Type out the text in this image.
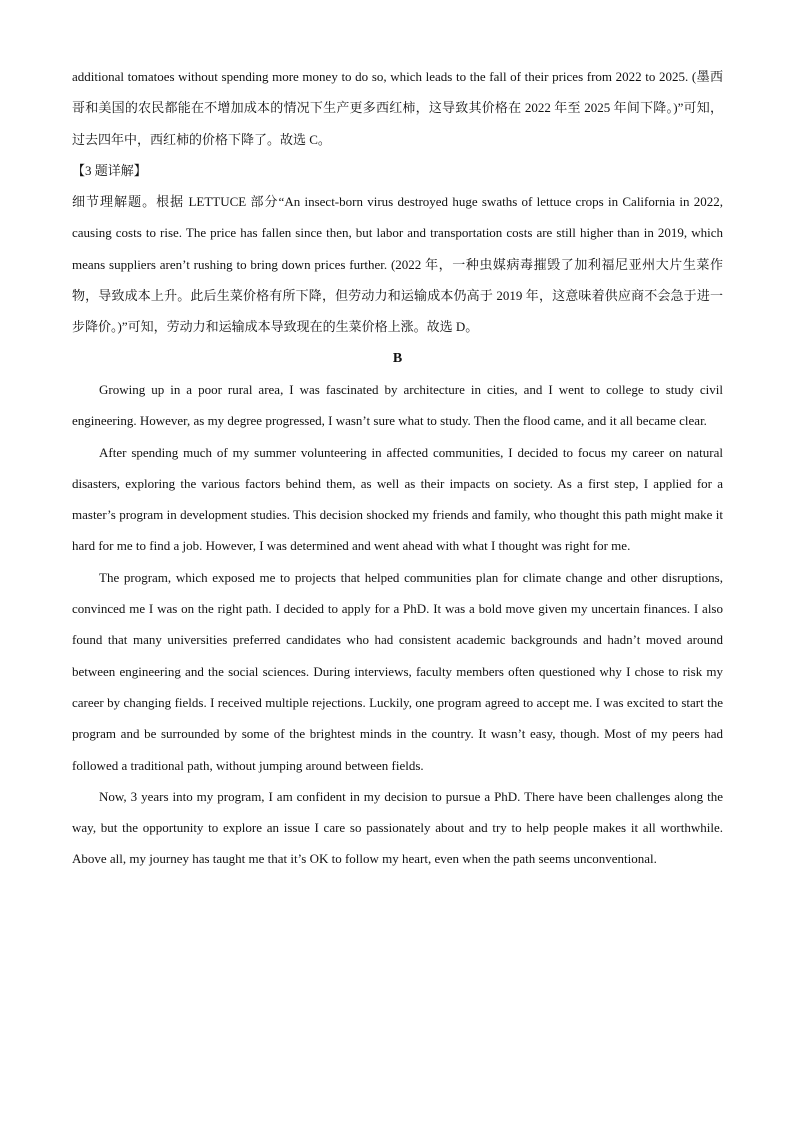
additional tomatoes without spending more money to do so, which leads to the fall of their prices from 2022 to 2025. (墨西哥和美国的农民都能在不增加成本的情况下生产更多西红柿，这导致其价格在 2022 年至 2025 年间下降。)”可知，过去四年中，西红柿的价格下降了。故选 C。

【3 题详解】

细节理解题。根据 LETTUCE 部分“An insect-born virus destroyed huge swaths of lettuce crops in California in 2022, causing costs to rise. The price has fallen since then, but labor and transportation costs are still higher than in 2019, which means suppliers aren’t rushing to bring down prices further. (2022 年，一种虫媒病毒摧毁了加利福尼亚州大片生菜作物，导致成本上升。此后生菜价格有所下降，但劳动力和运输成本仍高于 2019 年，这意味着供应商不会急于进一步降价。)”可知，劳动力和运输成本导致现在的生菜价格上涨。故选 D。

B

Growing up in a poor rural area, I was fascinated by architecture in cities, and I went to college to study civil engineering. However, as my degree progressed, I wasn’t sure what to study. Then the flood came, and it all became clear.

After spending much of my summer volunteering in affected communities, I decided to focus my career on natural disasters, exploring the various factors behind them, as well as their impacts on society. As a first step, I applied for a master’s program in development studies. This decision shocked my friends and family, who thought this path might make it hard for me to find a job. However, I was determined and went ahead with what I thought was right for me.

The program, which exposed me to projects that helped communities plan for climate change and other disruptions, convinced me I was on the right path. I decided to apply for a PhD. It was a bold move given my uncertain finances. I also found that many universities preferred candidates who had consistent academic backgrounds and hadn’t moved around between engineering and the social sciences. During interviews, faculty members often questioned why I chose to risk my career by changing fields. I received multiple rejections. Luckily, one program agreed to accept me. I was excited to start the program and be surrounded by some of the brightest minds in the country. It wasn’t easy, though. Most of my peers had followed a traditional path, without jumping around between fields.

Now, 3 years into my program, I am confident in my decision to pursue a PhD. There have been challenges along the way, but the opportunity to explore an issue I care so passionately about and try to help people makes it all worthwhile. Above all, my journey has taught me that it’s OK to follow my heart, even when the path seems unconventional.
